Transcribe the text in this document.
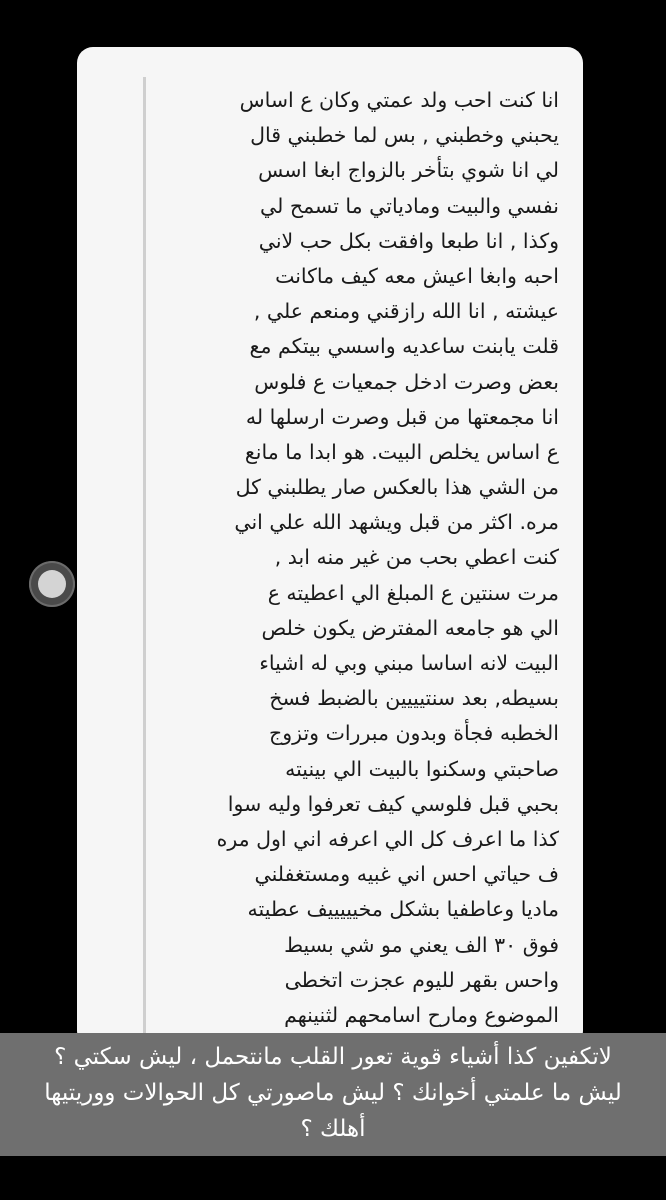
انا كنت احب ولد عمتي وكان ع اساس
يحبني وخطبني , بس لما خطبني قال
لي انا شوي بتأخر بالزواج ابغا اسس
نفسي والبيت ومادياتي ما تسمح لي
وكذا , انا طبعا وافقت بكل حب لاني
احبه وابغا اعيش معه كيف ماكانت
عيشته , انا الله رازقني ومنعم علي ,
قلت يابنت ساعديه واسسي بيتكم مع
بعض وصرت ادخل جمعيات ع فلوس
انا مجمعتها من قبل وصرت ارسلها له
ع اساس يخلص البيت. هو ابدا ما مانع
من الشي هذا بالعكس صار يطلبني كل
مره. اكثر من قبل ويشهد الله علي اني
كنت اعطي بحب من غير منه ابد ,
مرت سنتين ع المبلغ الي اعطيته ع
الي هو جامعه المفترض يكون خلص
البيت لانه اساسا مبني وبي له اشياء
بسيطه, بعد سنتيييين بالضبط فسخ
الخطبه فجأة وبدون مبررات وتزوج
صاحبتي وسكنوا بالبيت الي بينيته
بحبي قبل فلوسي كيف تعرفوا وليه سوا
كذا ما اعرف كل الي اعرفه اني اول مره
ف حياتي احس اني غبيه ومستغفلني
ماديا وعاطفيا بشكل مخيييييف عطيته
فوق ٣٠ الف يعني مو شي بسيط
واحس بقهر لليوم عجزت اتخطى
الموضوع ومارح اسامحهم لثنينهم
لاتكفين كذا أشياء قوية تعور القلب مانتحمل ، ليش سكتي ؟
ليش ما علمتي أخوانك ؟ ليش ماصورتي كل الحوالات ووريتيها
أهلك ؟
